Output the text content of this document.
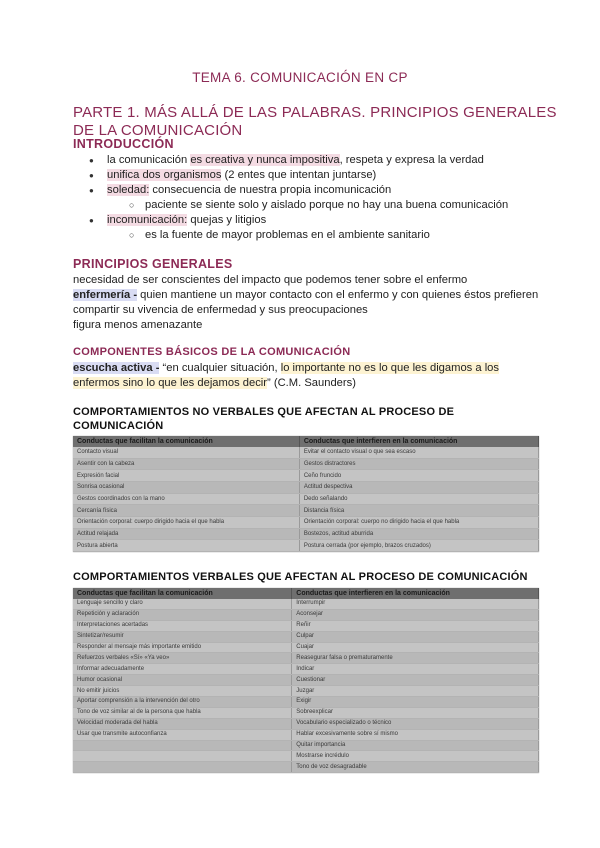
TEMA 6. COMUNICACIÓN EN CP
PARTE 1. MÁS ALLÁ DE LAS PALABRAS. PRINCIPIOS GENERALES DE LA COMUNICACIÓN
INTRODUCCIÓN
● la comunicación es creativa y nunca impositiva, respeta y expresa la verdad
● unifica dos organismos (2 entes que intentan juntarse)
● soledad: consecuencia de nuestra propia incomunicación
○ paciente se siente solo y aislado porque no hay una buena comunicación
● incomunicación: quejas y litigios
○ es la fuente de mayor problemas en el ambiente sanitario
PRINCIPIOS GENERALES
necesidad de ser conscientes del impacto que podemos tener sobre el enfermo
enfermería - quien mantiene un mayor contacto con el enfermo y con quienes éstos prefieren compartir su vivencia de enfermedad y sus preocupaciones
figura menos amenazante
COMPONENTES BÁSICOS DE LA COMUNICACIÓN
escucha activa - “en cualquier situación, lo importante no es lo que les digamos a los enfermos sino lo que les dejamos decir” (C.M. Saunders)
COMPORTAMIENTOS NO VERBALES QUE AFECTAN AL PROCESO DE COMUNICACIÓN
Conductas que facilitan la comunicación	Conductas que interfieren en la comunicación
Contacto visual	Evitar el contacto visual o que sea escaso
Asentir con la cabeza	Gestos distractores
Expresión facial	Ceño fruncido
Sonrisa ocasional	Actitud despectiva
Gestos coordinados con la mano	Dedo señalando
Cercanía física	Distancia física
Orientación corporal: cuerpo dirigido hacia el que habla	Orientación corporal: cuerpo no dirigido hacia el que habla
Actitud relajada	Bostezos, actitud aburrida
Postura abierta	Postura cerrada (por ejemplo, brazos cruzados)
COMPORTAMIENTOS VERBALES QUE AFECTAN AL PROCESO DE COMUNICACIÓN
Conductas que facilitan la comunicación	Conductas que interfieren en la comunicación
Lenguaje sencillo y claro	Interrumpir
Repetición y aclaración	Aconsejar
Interpretaciones acertadas	Reñir
Sintetizar/resumir	Culpar
Responder al mensaje más importante emitido	Cuajar
Refuerzos verbales «Sí» «Ya veo»	Reasegurar falsa o prematuramente
Informar adecuadamente	Indicar
Humor ocasional	Cuestionar
No emitir juicios	Juzgar
Aportar comprensión a la intervención del otro	Exigir
Tono de voz similar al de la persona que habla	Sobreexplicar
Velocidad moderada del habla	Vocabulario especializado o técnico
Usar que transmite autoconfianza	Hablar excesivamente sobre sí mismo
	Quitar importancia
	Mostrarse incrédulo
	Tono de voz desagradable
